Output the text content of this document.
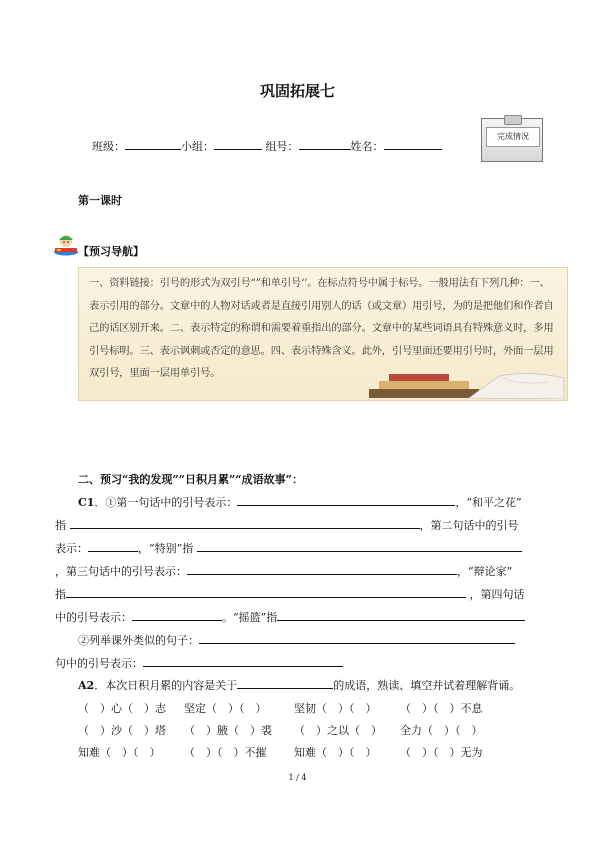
巩固拓展七
班级：	小组：	组号：	姓名：
完成情况
第一课时
【预习导航】
一、资料链接：引号的形式为双引号“”和单引号‘’。在标点符号中属于标号。一般用法有下列几种：一、表示引用的部分。文章中的人物对话或者是直接引用别人的话（或文章）用引号，为的是把他们和作者自己的话区别开来。二、表示特定的称谓和需要着重指出的部分。文章中的某些词语具有特殊意义时，多用引号标明。三、表示讽刺或否定的意思。四、表示特殊含义。此外，引号里面还要用引号时，外面一层用双引号，里面一层用单引号。
二、预习“我的发现”“日积月累”“成语故事”：
C1．①第一句话中的引号表示：	，“和平之花”
指	，第二句话中的引号
表示：	，“特别”指
，第三句话中的引号表示：	，“辩论家”
指	，第四句话
中的引号表示：	。“摇篮”指
②列举课外类似的句子：
句中的引号表示：
A2．本次日积月累的内容是关于	的成语，熟读、填空并试着理解背诵。
（　）心（　）志 坚定（　）（　）	坚韧（　）（　） （　）（　）不息
（　）沙（　）塔 （　）腋（　）裘 （　）之以（　） 全力（　）（　）
知难（　）（　） （　）（　）不摧	知难（　）（　） （　）（　）无为
1 / 4
